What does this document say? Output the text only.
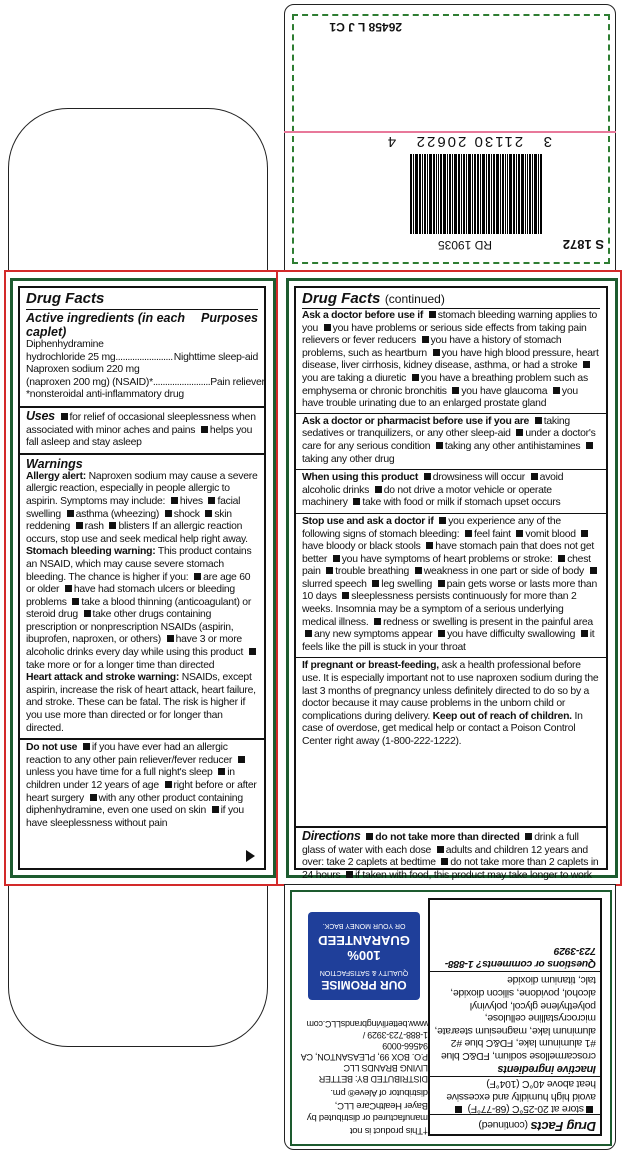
S 1872
RD 19035
3   21130 20622   4
26458 L J C1
Drug Facts
Active ingredients (in each caplet)
Purposes
Diphenhydramine
hydrochloride 25 mg........................ Nighttime sleep-aid
Naproxen sodium 220 mg
(naproxen 200 mg) (NSAID)*........................ Pain reliever
*nonsteroidal anti-inflammatory drug
Uses for relief of occasional sleeplessness when associated with minor aches and pains helps you fall asleep and stay asleep
Warnings
Allergy alert: Naproxen sodium may cause a severe allergic reaction, especially in people allergic to aspirin. Symptoms may include: hives facial swelling asthma (wheezing) shock skin reddening rash blisters If an allergic reaction occurs, stop use and seek medical help right away.
Stomach bleeding warning: This product contains an NSAID, which may cause severe stomach bleeding. The chance is higher if you: are age 60 or older have had stomach ulcers or bleeding problems take a blood thinning (anticoagulant) or steroid drug take other drugs containing prescription or nonprescription NSAIDs (aspirin, ibuprofen, naproxen, or others) have 3 or more alcoholic drinks every day while using this product take more or for a longer time than directed
Heart attack and stroke warning: NSAIDs, except aspirin, increase the risk of heart attack, heart failure, and stroke. These can be fatal. The risk is higher if you use more than directed or for longer than directed.
Do not use if you have ever had an allergic reaction to any other pain reliever/fever reducer unless you have time for a full night's sleep in children under 12 years of age right before or after heart surgery with any other product containing diphenhydramine, even one used on skin if you have sleeplessness without pain
Drug Facts (continued)
Ask a doctor before use if stomach bleeding warning applies to you you have problems or serious side effects from taking pain relievers or fever reducers you have a history of stomach problems, such as heartburn you have high blood pressure, heart disease, liver cirrhosis, kidney disease, asthma, or had a stroke you are taking a diuretic you have a breathing problem such as emphysema or chronic bronchitis you have glaucoma you have trouble urinating due to an enlarged prostate gland
Ask a doctor or pharmacist before use if you are taking sedatives or tranquilizers, or any other sleep-aid under a doctor's care for any serious condition taking any other antihistamines taking any other drug
When using this product drowsiness will occur avoid alcoholic drinks do not drive a motor vehicle or operate machinery take with food or milk if stomach upset occurs
Stop use and ask a doctor if you experience any of the following signs of stomach bleeding: feel faint vomit blood have bloody or black stools have stomach pain that does not get better you have symptoms of heart problems or stroke: chest pain trouble breathing weakness in one part or side of body slurred speech leg swelling pain gets worse or lasts more than 10 days sleeplessness persists continuously for more than 2 weeks. Insomnia may be a symptom of a serious underlying medical illness. redness or swelling is present in the painful area any new symptoms appear you have difficulty swallowing it feels like the pill is stuck in your throat
If pregnant or breast-feeding, ask a health professional before use. It is especially important not to use naproxen sodium during the last 3 months of pregnancy unless definitely directed to do so by a doctor because it may cause problems in the unborn child or complications during delivery. Keep out of reach of children. In case of overdose, get medical help or contact a Poison Control Center right away (1-800-222-1222).
Directions do not take more than directed drink a full glass of water with each dose adults and children 12 years and over: take 2 caplets at bedtime do not take more than 2 caplets in 24 hours if taken with food, this product may take longer to work
Drug Facts (continued)
store at 20-25°C (68-77°F) avoid high humidity and excessive heat above 40°C (104°F)
Inactive ingredients croscarmellose sodium, FD&C blue #1 aluminum lake, FD&C blue #2 aluminum lake, magnesium stearate, microcrystalline cellulose, polyethylene glycol, polyvinyl alcohol, povidone, silicon dioxide, talc, titanium dioxide
Questions or comments? 1-888-723-3929
†This product is not manufactured or distributed by Bayer HealthCare LLC, distributor of Aleve® pm.
DISTRIBUTED BY: BETTER LIVING BRANDS LLC
P.O. BOX 99, PLEASANTON, CA 94566-0009
1-888-723-3929 / www.betterlivingbrandsLLC.com
OUR PROMISE
QUALITY & SATISFACTION
100% GUARANTEED
OR YOUR MONEY BACK.
